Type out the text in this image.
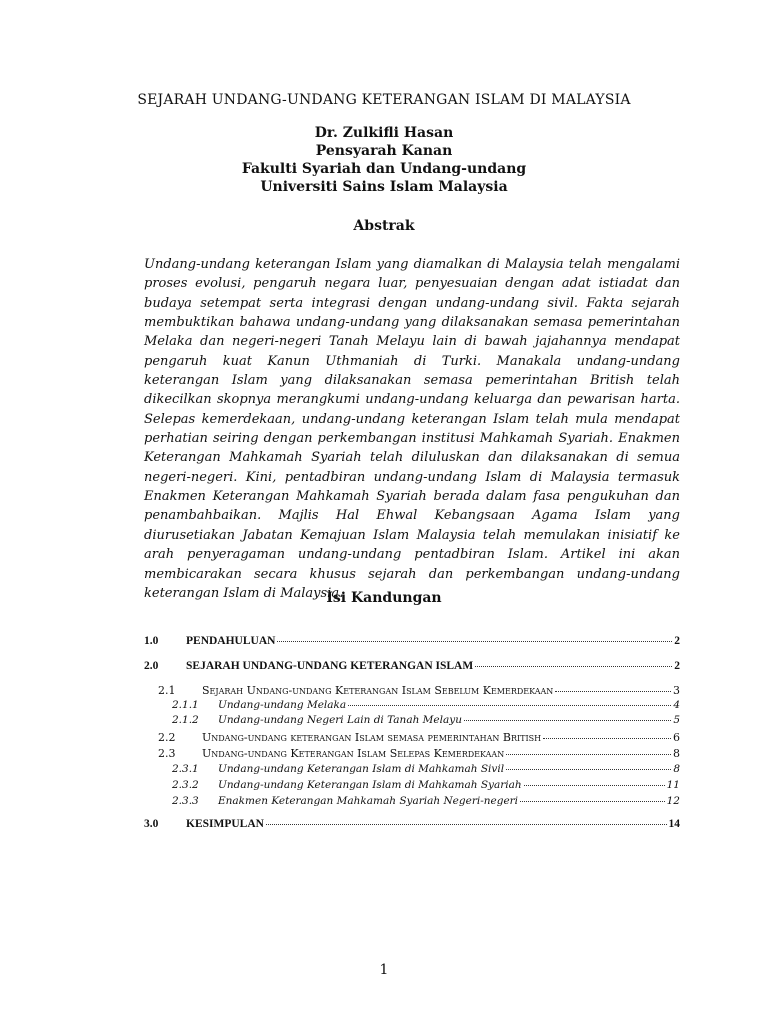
SEJARAH UNDANG-UNDANG KETERANGAN ISLAM DI MALAYSIA
Dr. Zulkifli Hasan
Pensyarah Kanan
Fakulti Syariah dan Undang-undang
Universiti Sains Islam Malaysia
Abstrak
Undang-undang keterangan Islam yang diamalkan di Malaysia telah mengalami proses evolusi, pengaruh negara luar, penyesuaian dengan adat istiadat dan budaya setempat serta integrasi dengan undang-undang sivil. Fakta sejarah membuktikan bahawa undang-undang yang dilaksanakan semasa pemerintahan Melaka dan negeri-negeri Tanah Melayu lain di bawah jajahannya mendapat pengaruh kuat Kanun Uthmaniah di Turki. Manakala undang-undang keterangan Islam yang dilaksanakan semasa pemerintahan British telah dikecilkan skopnya merangkumi undang-undang keluarga dan pewarisan harta. Selepas kemerdekaan, undang-undang keterangan Islam telah mula mendapat perhatian seiring dengan perkembangan institusi Mahkamah Syariah. Enakmen Keterangan Mahkamah Syariah telah diluluskan dan dilaksanakan di semua negeri-negeri. Kini, pentadbiran undang-undang Islam di Malaysia termasuk Enakmen Keterangan Mahkamah Syariah berada dalam fasa pengukuhan dan penambahbaikan. Majlis Hal Ehwal Kebangsaan Agama Islam yang diurusetiakan Jabatan Kemajuan Islam Malaysia telah memulakan inisiatif ke arah penyeragaman undang-undang pentadbiran Islam. Artikel ini akan membicarakan secara khusus sejarah dan perkembangan undang-undang keterangan Islam di Malaysia.
Isi Kandungan
1.0	PENDAHULUAN	2
2.0	SEJARAH UNDANG-UNDANG KETERANGAN ISLAM	2
2.1	Sejarah Undang-undang Keterangan Islam Sebelum Kemerdekaan	3
2.1.1	Undang-undang Melaka	4
2.1.2	Undang-undang Negeri Lain di Tanah Melayu	5
2.2	Undang-undang keterangan Islam semasa pemerintahan British	6
2.3	Undang-undang Keterangan Islam Selepas Kemerdekaan	8
2.3.1	Undang-undang Keterangan Islam di Mahkamah Sivil	8
2.3.2	Undang-undang Keterangan Islam di Mahkamah Syariah	11
2.3.3	Enakmen Keterangan Mahkamah Syariah Negeri-negeri	12
3.0	KESIMPULAN	14
1
